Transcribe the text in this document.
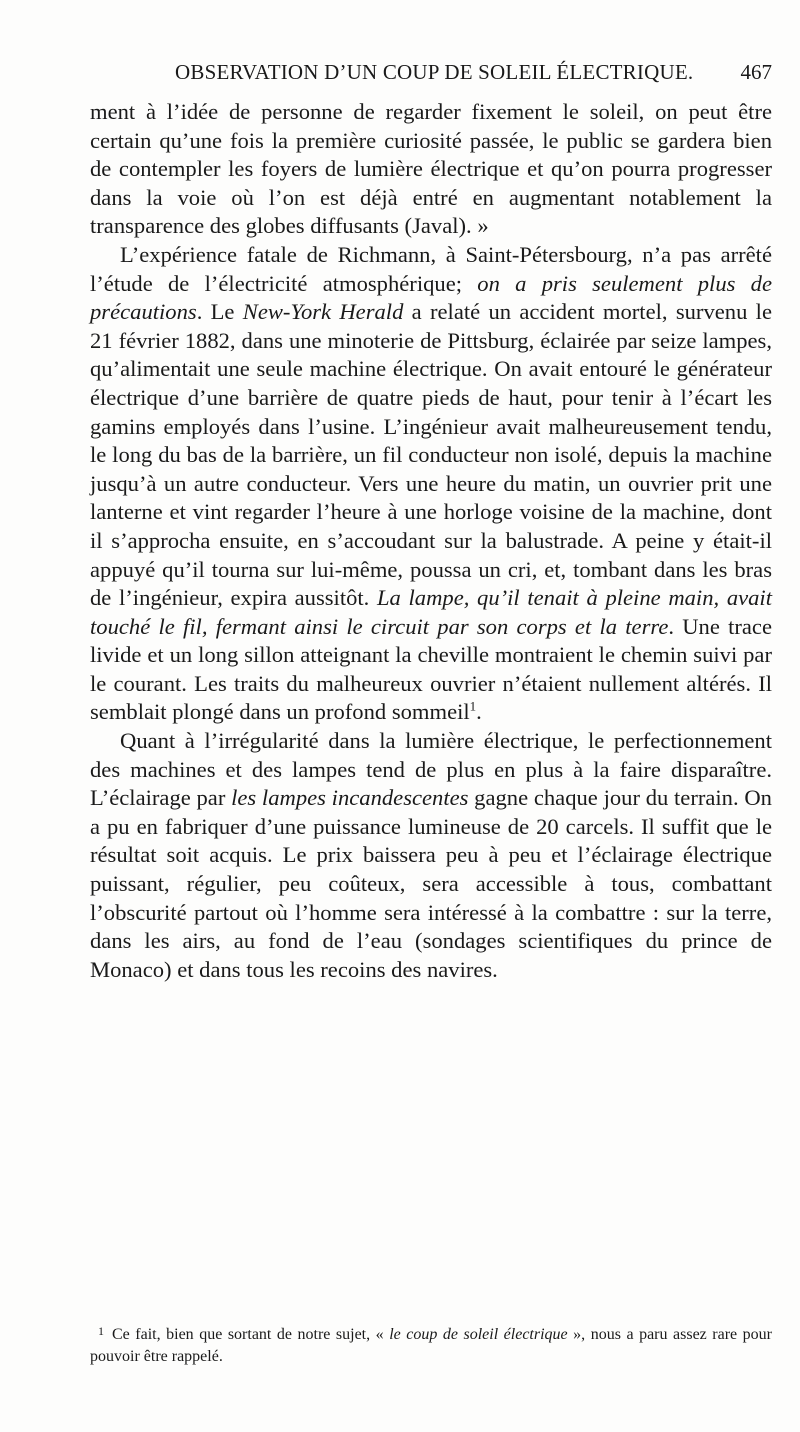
OBSERVATION D’UN COUP DE SOLEIL ÉLECTRIQUE. 467

ment à l’idée de personne de regarder fixement le soleil, on peut être certain qu’une fois la première curiosité passée, le public se gardera bien de contempler les foyers de lumière électrique et qu’on pourra progresser dans la voie où l’on est déjà entré en augmentant notablement la transparence des globes diffusants (Javal). »

L’expérience fatale de Richmann, à Saint-Pétersbourg, n’a pas arrêté l’étude de l’électricité atmosphérique; on a pris seulement plus de précautions. Le New-York Herald a relaté un accident mortel, survenu le 21 février 1882, dans une minoterie de Pittsburg, éclairée par seize lampes, qu’alimentait une seule machine électrique. On avait entouré le générateur électrique d’une barrière de quatre pieds de haut, pour tenir à l’écart les gamins employés dans l’usine. L’ingénieur avait malheureusement tendu, le long du bas de la barrière, un fil conducteur non isolé, depuis la machine jusqu’à un autre conducteur. Vers une heure du matin, un ouvrier prit une lanterne et vint regarder l’heure à une horloge voisine de la machine, dont il s’approcha ensuite, en s’accoudant sur la balustrade. A peine y était-il appuyé qu’il tourna sur lui-même, poussa un cri, et, tombant dans les bras de l’ingénieur, expira aussitôt. La lampe, qu’il tenait à pleine main, avait touché le fil, fermant ainsi le circuit par son corps et la terre. Une trace livide et un long sillon atteignant la cheville montraient le chemin suivi par le courant. Les traits du malheureux ouvrier n’étaient nullement altérés. Il semblait plongé dans un profond sommeil$^1$.

Quant à l’irrégularité dans la lumière électrique, le perfectionnement des machines et des lampes tend de plus en plus à la faire disparaître. L’éclairage par les lampes incandescentes gagne chaque jour du terrain. On a pu en fabriquer d’une puissance lumineuse de 20 carcels. Il suffit que le résultat soit acquis. Le prix baissera peu à peu et l’éclairage électrique puissant, régulier, peu coûteux, sera accessible à tous, combattant l’obscurité partout où l’homme sera intéressé à la combattre : sur la terre, dans les airs, au fond de l’eau (sondages scientifiques du prince de Monaco) et dans tous les recoins des navires.

1 Ce fait, bien que sortant de notre sujet, « le coup de soleil électrique », nous a paru assez rare pour pouvoir être rappelé.
